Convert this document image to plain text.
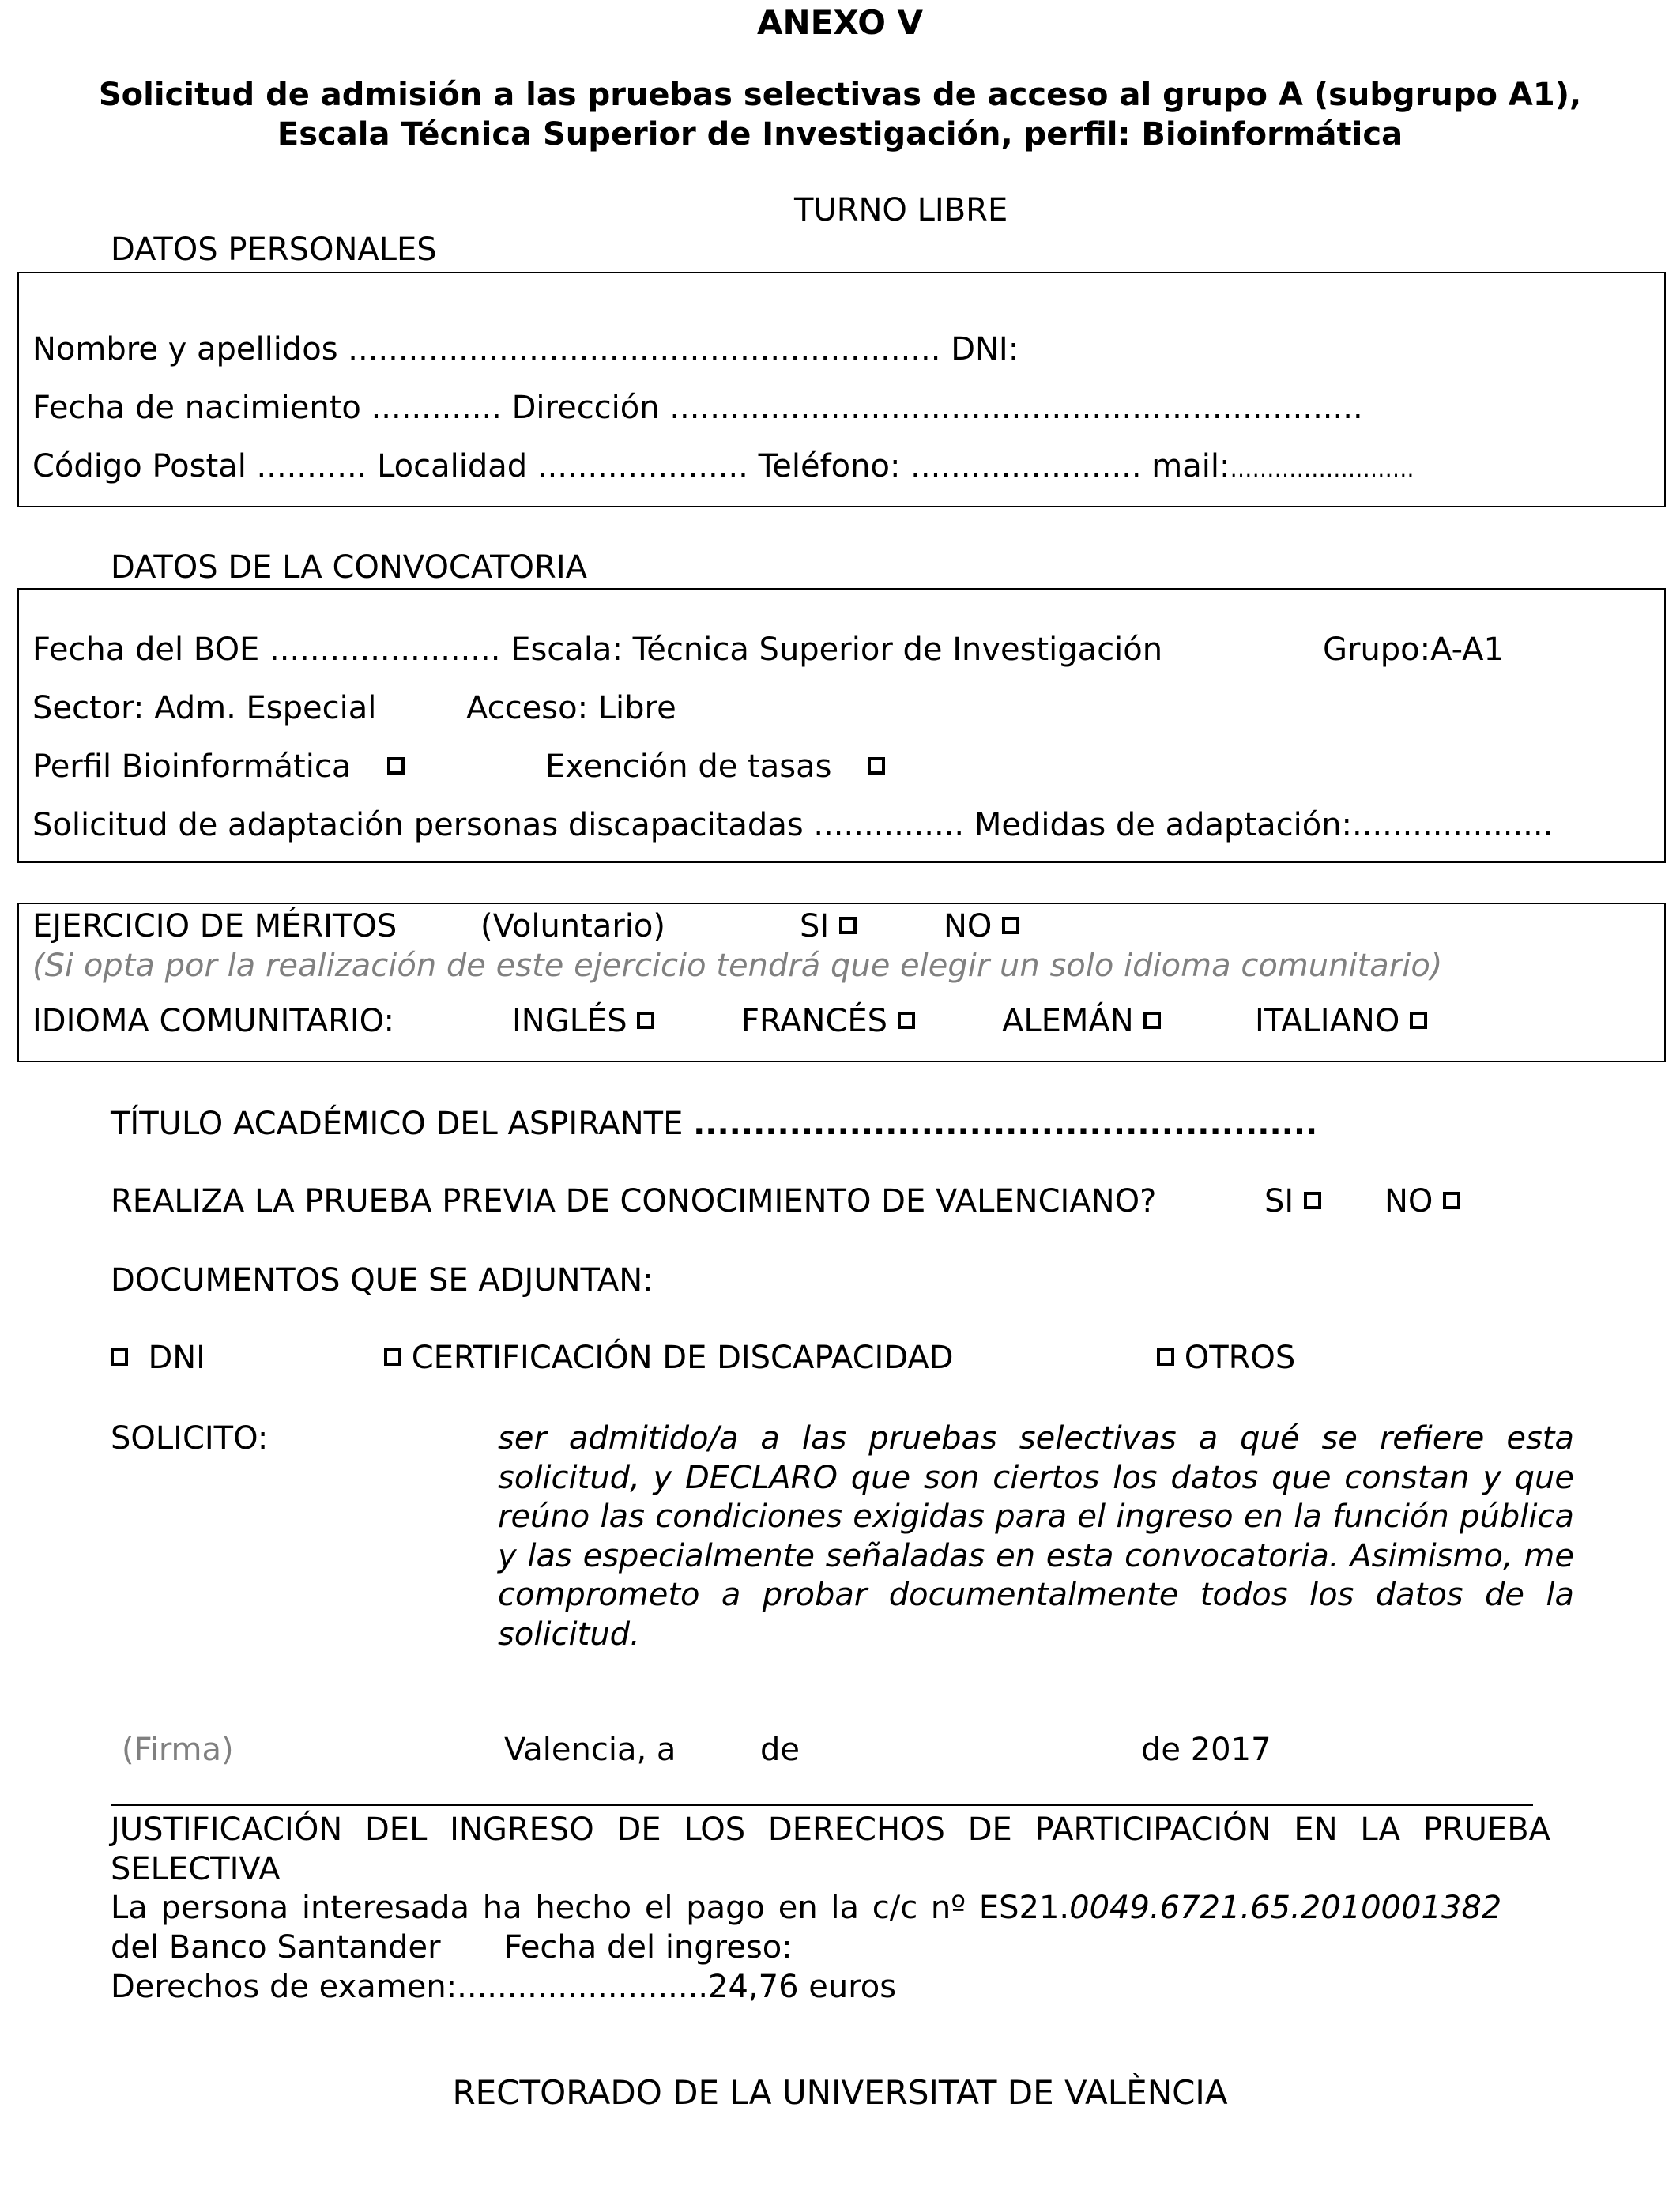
ANEXO V
Solicitud de admisión a las pruebas selectivas de acceso al grupo A (subgrupo A1),
Escala Técnica Superior de Investigación, perfil: Bioinformática
TURNO LIBRE
DATOS PERSONALES
Nombre y apellidos ........................................................... DNI:
Fecha de nacimiento ............. Dirección .....................................................................
Código Postal ........... Localidad ..................... Teléfono: ....................... mail:…………………….
DATOS DE LA CONVOCATORIA
Fecha del BOE ....................... Escala: Técnica Superior de Investigación	Grupo:A-A1
Sector: Adm. Especial	Acceso: Libre
Perfil Bioinformática	Exención de tasas
Solicitud de adaptación personas discapacitadas ............... Medidas de adaptación:....................
EJERCICIO DE MÉRITOS	(Voluntario)	SI	NO
(Si opta por la realización de este ejercicio tendrá que elegir un solo idioma comunitario)
IDIOMA COMUNITARIO:	INGLÉS	FRANCÉS	ALEMÁN	ITALIANO
TÍTULO ACADÉMICO DEL ASPIRANTE ....................................................
REALIZA LA PRUEBA PREVIA DE CONOCIMIENTO DE VALENCIANO?	SI	NO
DOCUMENTOS QUE SE ADJUNTAN:
DNI	CERTIFICACIÓN DE DISCAPACIDAD	OTROS
SOLICITO:	ser admitido/a a las pruebas selectivas a qué se refiere esta solicitud, y DECLARO que son ciertos los datos que constan y que reúno las condiciones exigidas para el ingreso en la función pública y las especialmente señaladas en esta convocatoria. Asimismo, me comprometo a probar documentalmente todos los datos de la solicitud.
(Firma)	Valencia, a	de	de 2017
JUSTIFICACIÓN DEL INGRESO DE LOS DERECHOS DE PARTICIPACIÓN EN LA PRUEBA SELECTIVA
La persona interesada ha hecho el pago en la c/c nº ES21.0049.6721.65.2010001382
del Banco Santander Fecha del ingreso:
Derechos de examen:.........................24,76 euros
RECTORADO DE LA UNIVERSITAT DE VALÈNCIA
